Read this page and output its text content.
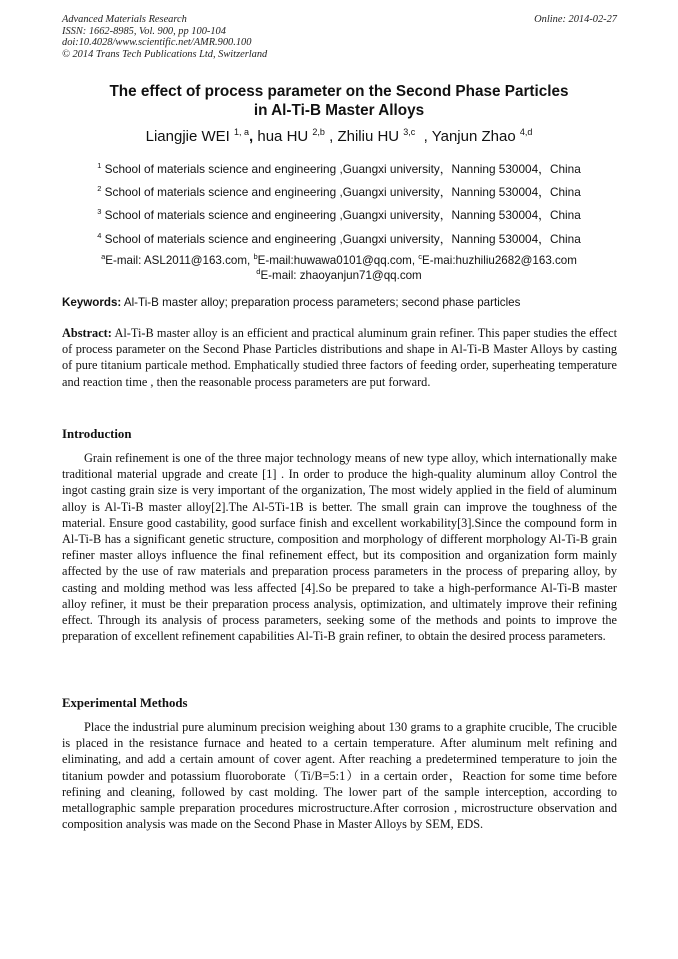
Advanced Materials Research
ISSN: 1662-8985, Vol. 900, pp 100-104
doi:10.4028/www.scientific.net/AMR.900.100
© 2014 Trans Tech Publications Ltd, Switzerland
Online: 2014-02-27
The effect of process parameter on the Second Phase Particles
in Al-Ti-B Master Alloys
Liangjie WEI $^{1, a}$, hua HU $^{2,b}$ , Zhiliu HU $^{3,c}$ , Yanjun Zhao $^{4,d}$
$^1$ School of materials science and engineering ,Guangxi university，Nanning 530004，China
$^2$ School of materials science and engineering ,Guangxi university，Nanning 530004，China
$^3$ School of materials science and engineering ,Guangxi university，Nanning 530004，China
$^4$ School of materials science and engineering ,Guangxi university，Nanning 530004，China
$^a$E-mail: ASL2011@163.com, $^b$E-mail:huwawa0101@qq.com, $^c$E-mai:huzhiliu2682@163.com
$^d$E-mail: zhaoyanjun71@qq.com
Keywords: Al-Ti-B master alloy; preparation process parameters; second phase particles

Abstract: Al-Ti-B master alloy is an efficient and practical aluminum grain refiner. This paper studies the effect of process parameter on the Second Phase Particles distributions and shape in Al-Ti-B Master Alloys by casting of pure titanium particale method. Emphatically studied three factors of feeding order, superheating temperature and reaction time , then the reasonable process parameters are put forward.

Introduction

Grain refinement is one of the three major technology means of new type alloy, which internationally make traditional material upgrade and create [1] . In order to produce the high-quality aluminum alloy Control the ingot casting grain size is very important of the organization, The most widely applied in the field of aluminum alloy is Al-Ti-B master alloy[2].The Al-5Ti-1B is better. The small grain can improve the toughness of the material. Ensure good castability, good surface finish and excellent workability[3].Since the compound form in Al-Ti-B has a significant genetic structure, composition and morphology of different morphology Al-Ti-B grain refiner master alloys influence the final refinement effect, but its composition and organization form mainly affected by the use of raw materials and preparation process parameters in the process of preparing alloy, by casting and molding method was less affected [4].So be prepared to take a high-performance Al-Ti-B master alloy refiner, it must be their preparation process analysis, optimization, and ultimately improve their refining effect. Through its analysis of process parameters, seeking some of the methods and points to improve the preparation of excellent refinement capabilities Al-Ti-B grain refiner, to obtain the desired process parameters.

Experimental Methods

Place the industrial pure aluminum precision weighing about 130 grams to a graphite crucible, The crucible is placed in the resistance furnace and heated to a certain temperature. After aluminum melt refining and eliminating, and add a certain amount of cover agent. After reaching a predetermined temperature to join the titanium powder and potassium fluoroborate（Ti/B=5:1）in a certain order，Reaction for some time before refining and cleaning, followed by cast molding. The lower part of the sample interception, according to metallographic sample preparation procedures microstructure.After corrosion , microstructure observation and composition analysis was made on the Second Phase in Master Alloys by SEM, EDS.
